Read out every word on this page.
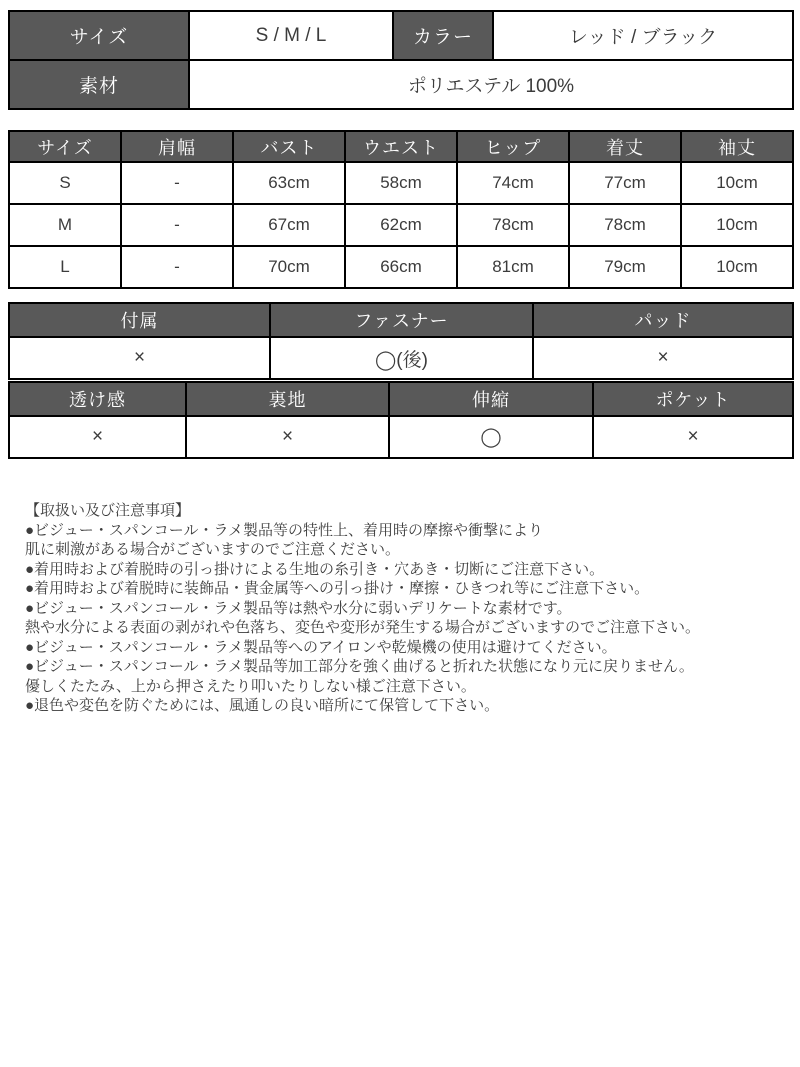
サイズ	S / M / L	カラー	レッド / ブラック
素材	ポリエステル 100%		
サイズ	肩幅	バスト	ウエスト	ヒップ	着丈	袖丈
S	-	63cm	58cm	74cm	77cm	10cm
M	-	67cm	62cm	78cm	78cm	10cm
L	-	70cm	66cm	81cm	79cm	10cm
付属	ファスナー	パッド
×	◯(後)	×
透け感	裏地	伸縮	ポケット
×	×	◯	×
【取扱い及び注意事項】
●ビジュー・スパンコール・ラメ製品等の特性上、着用時の摩擦や衝撃により
肌に刺激がある場合がございますのでご注意ください。
●着用時および着脱時の引っ掛けによる生地の糸引き・穴あき・切断にご注意下さい。
●着用時および着脱時に装飾品・貴金属等への引っ掛け・摩擦・ひきつれ等にご注意下さい。
●ビジュー・スパンコール・ラメ製品等は熱や水分に弱いデリケートな素材です。
熱や水分による表面の剥がれや色落ち、変色や変形が発生する場合がございますのでご注意下さい。
●ビジュー・スパンコール・ラメ製品等へのアイロンや乾燥機の使用は避けてください。
●ビジュー・スパンコール・ラメ製品等加工部分を強く曲げると折れた状態になり元に戻りません。
優しくたたみ、上から押さえたり叩いたりしない様ご注意下さい。
●退色や変色を防ぐためには、風通しの良い暗所にて保管して下さい。
